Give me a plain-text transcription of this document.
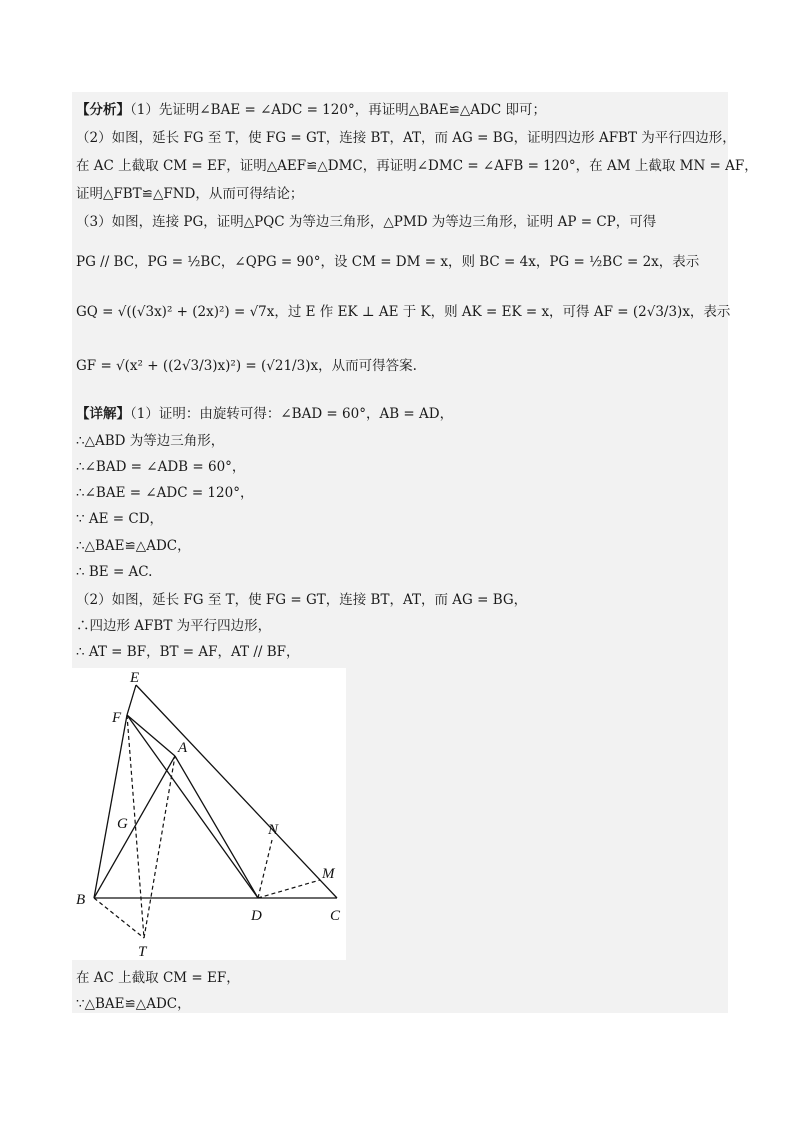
【分析】（1）先证明∠BAE = ∠ADC = 120°，再证明△BAE≌△ADC 即可；
（2）如图，延长 FG 至 T，使 FG = GT，连接 BT，AT，而 AG = BG，证明四边形 AFBT 为平行四边形，
在 AC 上截取 CM = EF，证明△AEF≌△DMC，再证明∠DMC = ∠AFB = 120°，在 AM 上截取 MN = AF，
证明△FBT≌△FND，从而可得结论；
（3）如图，连接 PG，证明△PQC 为等边三角形，△PMD 为等边三角形，证明 AP = CP，可得
PG // BC，PG = ½BC，∠QPG = 90°，设 CM = DM = x，则 BC = 4x，PG = ½BC = 2x，表示
GQ = √((√3x)² + (2x)²) = √7x，过 E 作 EK ⊥ AE 于 K，则 AK = EK = x，可得 AF = (2√3/3)x，表示
GF = √(x² + ((2√3/3)x)²) = (√21/3)x，从而可得答案.
【详解】（1）证明：由旋转可得：∠BAD = 60°，AB = AD，
∴△ABD 为等边三角形，
∴∠BAD = ∠ADB = 60°，
∴∠BAE = ∠ADC = 120°，
∵ AE = CD，
∴△BAE≌△ADC，
∴ BE = AC.
（2）如图，延长 FG 至 T，使 FG = GT，连接 BT，AT，而 AG = BG，
∴四边形 AFBT 为平行四边形，
∴ AT = BF，BT = AF，AT // BF，
E
F
A
G	N
M
B
D	C
T
在 AC 上截取 CM = EF，
∵△BAE≌△ADC，
